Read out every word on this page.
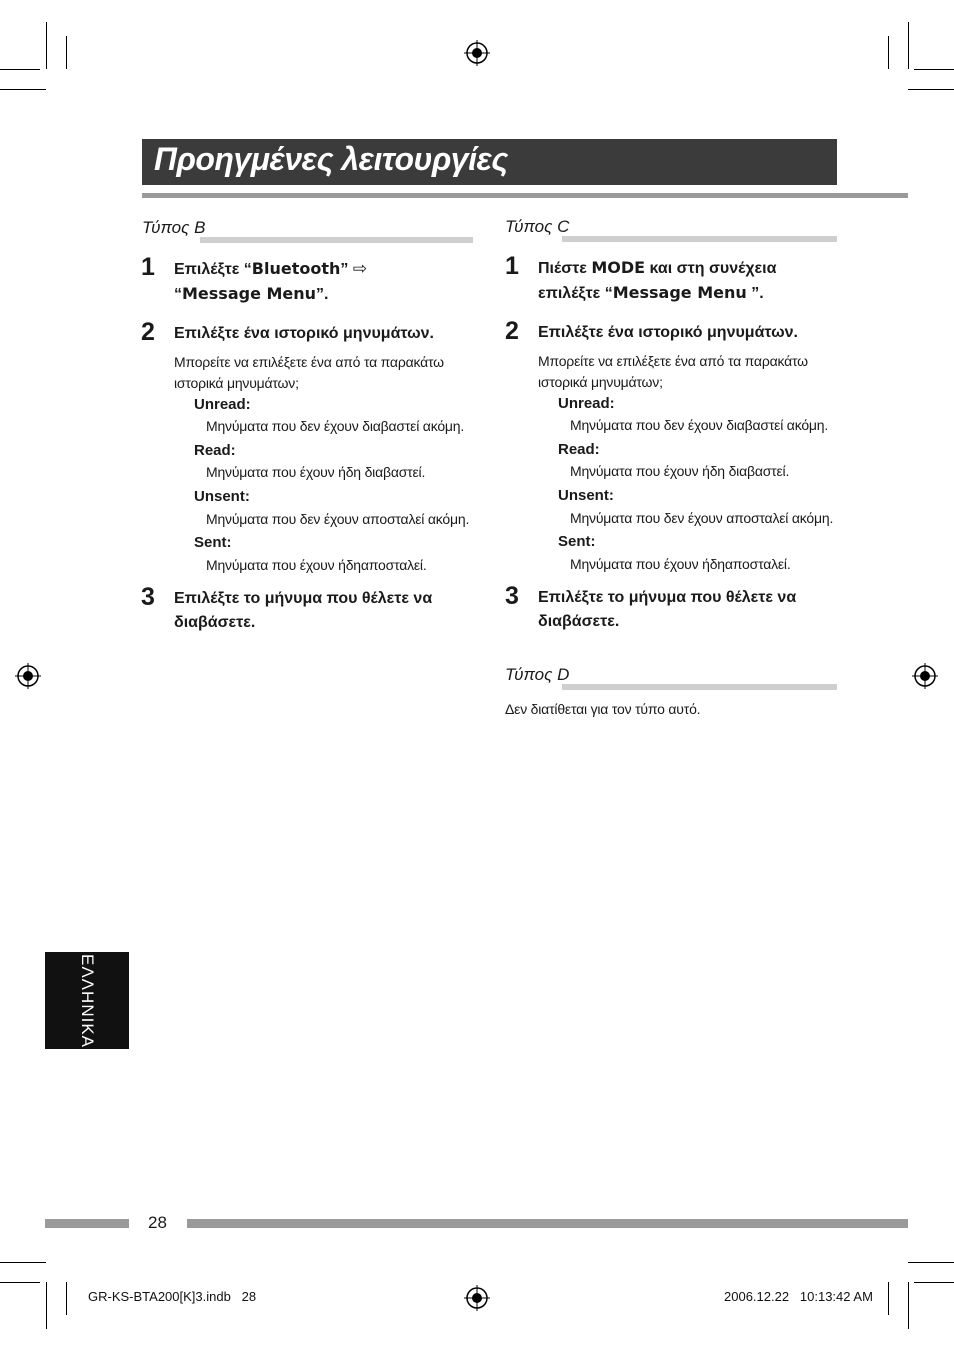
Προηγμένες λειτουργίες
Τύπος B
1 Επιλέξτε “Bluetooth” ⇨
“Message Menu”.
2 Επιλέξτε ένα ιστορικό μηνυμάτων.
Μπορείτε να επιλέξετε ένα από τα παρακάτω
ιστορικά μηνυμάτων;
Unread:
Μηνύματα που δεν έχουν διαβαστεί ακόμη.
Read:
Μηνύματα που έχουν ήδη διαβαστεί.
Unsent:
Μηνύματα που δεν έχουν αποσταλεί ακόμη.
Sent:
Μηνύματα που έχουν ήδηαποσταλεί.
3 Επιλέξτε το μήνυμα που θέλετε να
διαβάσετε.
Τύπος C
1 Πιέστε MODE και στη συνέχεια
επιλέξτε “Message Menu ”.
2 Επιλέξτε ένα ιστορικό μηνυμάτων.
Μπορείτε να επιλέξετε ένα από τα παρακάτω
ιστορικά μηνυμάτων;
Unread:
Μηνύματα που δεν έχουν διαβαστεί ακόμη.
Read:
Μηνύματα που έχουν ήδη διαβαστεί.
Unsent:
Μηνύματα που δεν έχουν αποσταλεί ακόμη.
Sent:
Μηνύματα που έχουν ήδηαποσταλεί.
3 Επιλέξτε το μήνυμα που θέλετε να
διαβάσετε.
Τύπος D
Δεν διατίθεται για τον τύπο αυτό.
ΕΛΛΗΝΙΚΑ
28
GR-KS-BTA200[K]3.indb   28	2006.12.22   10:13:42 AM
